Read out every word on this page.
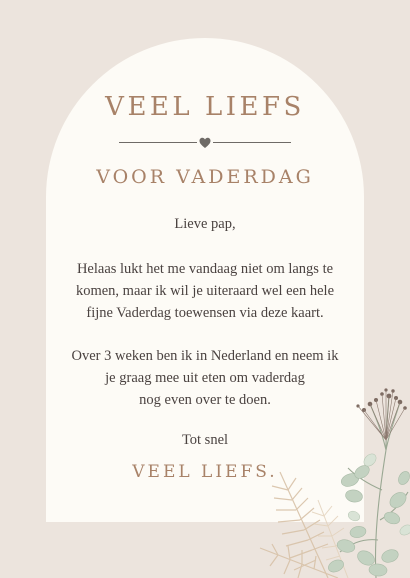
VEEL LIEFS
VOOR VADERDAG

Lieve pap,

Helaas lukt het me vandaag niet om langs te
komen, maar ik wil je uiteraard wel een hele
fijne Vaderdag toewensen via deze kaart.

Over 3 weken ben ik in Nederland en neem ik
je graag mee uit eten om vaderdag
nog even over te doen.

Tot snel

VEEL LIEFS.
